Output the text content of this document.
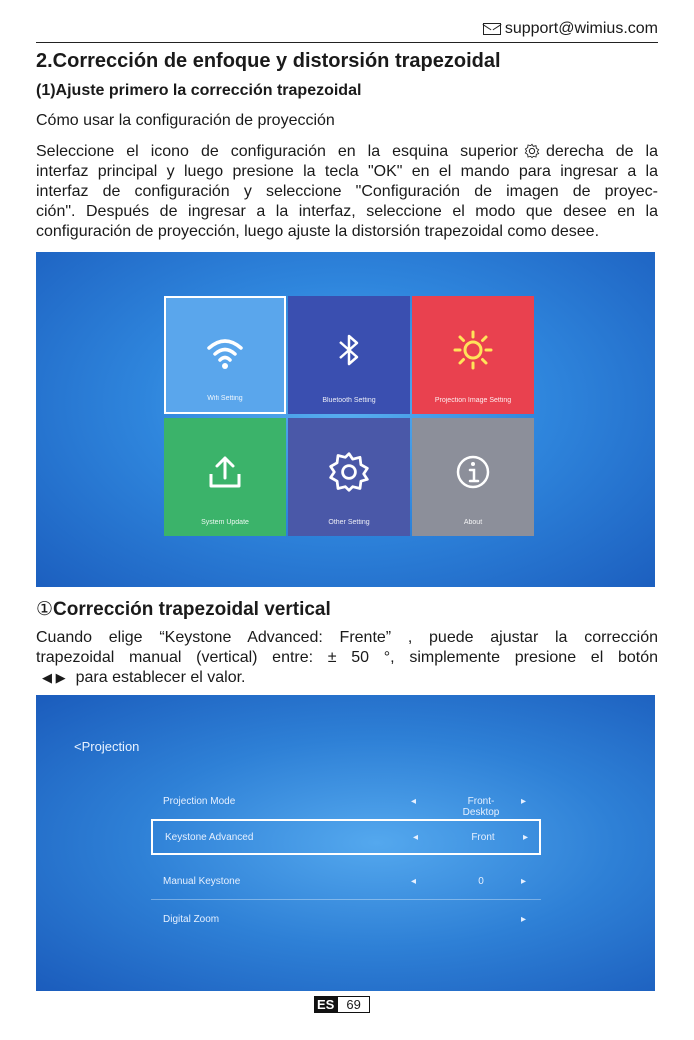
support@wimius.com
2.Corrección de enfoque y distorsión trapezoidal
(1)Ajuste primero la corrección trapezoidal
Cómo usar la configuración de proyección
Seleccione el icono de configuración en la esquina superior derecha de la
interfaz principal y luego presione la tecla "OK" en el mando para ingresar a la
interfaz de configuración y seleccione "Configuración de imagen de proyec-
ción". Después de ingresar a la interfaz, seleccione el modo que desee en la
configuración de proyección, luego ajuste la distorsión trapezoidal como desee.
Wifi Setting	Bluetooth Setting	Projection Image Setting
System Update	Other Setting	About
①Corrección trapezoidal vertical
Cuando elige “Keystone Advanced: Frente” , puede ajustar la corrección
trapezoidal manual (vertical) entre: ± 50 °, simplemente presione el botón
◀ ▶ para establecer el valor.
<Projection
Projection Mode	◂	Front-Desktop
▸
Keystone Advanced	◂	Front	▸
Manual Keystone	◂	0	▸
Digital Zoom	▸
ES 69
